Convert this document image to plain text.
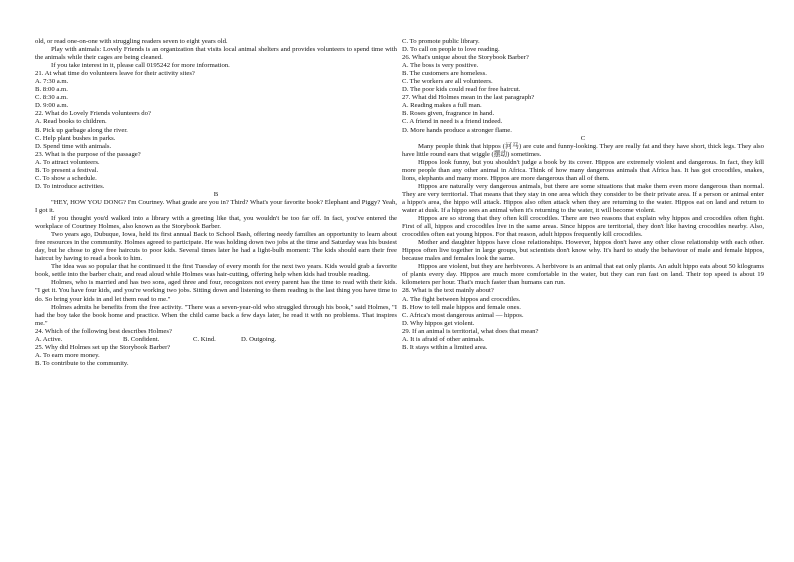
old, or read one-on-one with struggling readers seven to eight years old.

Play with animals: Lovely Friends is an organization that visits local animal shelters and provides volunteers to spend time with the animals while their cages are being cleaned.

If you take interest in it, please call 0195242 for more information.

21. At what time do volunteers leave for their activity sites?
A. 7:30 a.m.
B. 8:00 a.m.
C. 8:30 a.m.
D. 9:00 a.m.
22. What do Lovely Friends volunteers do?
A. Read books to children.
B. Pick up garbage along the river.
C. Help plant bushes in parks.
D. Spend time with animals.
23. What is the purpose of the passage?
A. To attract volunteers.
B. To present a festival.
C. To show a schedule.
D. To introduce activities.
B

"HEY, HOW YOU DONG? I'm Courtney. What grade are you in? Third? What's your favorite book? Elephant and Piggy? Yeah, I got it.

If you thought you'd walked into a library with a greeting like that, you wouldn't be too far off. In fact, you've entered the workplace of Courtney Holmes, also known as the Storybook Barber.

Two years ago, Dubuque, Iowa, held its first annual Back to School Bash, offering needy families an opportunity to learn about free resources in the community. Holmes agreed to participate. He was holding down two jobs at the time and Saturday was his busiest day, but he chose to give free haircuts to poor kids. Several times later he had a light-bulb moment: The kids should earn their free haircut by having to read a book to him.

The idea was so popular that he continued it the first Tuesday of every month for the next two years. Kids would grab a favorite book, settle into the barber chair, and read aloud while Holmes was hair-cutting, offering help when kids had trouble reading.

Holmes, who is married and has two sons, aged three and four, recognizes not every parent has the time to read with their kids. "I get it. You have four kids, and you're working two jobs. Sitting down and listening to them reading is the last thing you have time to do. So bring your kids in and let them read to me."

Holmes admits he benefits from the free activity. "There was a seven-year-old who struggled through his book," said Holmes, "I had the boy take the book home and practice. When the child came back a few days later, he read it with no problems. That inspires me."

24. Which of the following best describes Holmes?
A. Active.	B. Confident.	C. Kind.	D. Outgoing.
25. Why did Holmes set up the Storybook Barber?
A. To earn more money.
B. To contribute to the community.
C. To promote public library.
D. To call on people to love reading.
26. What's unique about the Storybook Barber?
A. The boss is very positive.
B. The customers are homeless.
C. The workers are all volunteers.
D. The poor kids could read for free haircut.
27. What did Holmes mean in the last paragraph?
A. Reading makes a full man.
B. Roses given, fragrance in hand.
C. A friend in need is a friend indeed.
D. More hands produce a stronger flame.
C

Many people think that hippos (河马) are cute and funny-looking. They are really fat and they have short, thick legs. They also have little round ears that wiggle (摆动) sometimes.

Hippos look funny, but you shouldn't judge a book by its cover. Hippos are extremely violent and dangerous. In fact, they kill more people than any other animal in Africa. Think of how many dangerous animals that Africa has. It has got crocodiles, snakes, lions, elephants and many more. Hippos are more dangerous than all of them.

Hippos are naturally very dangerous animals, but there are some situations that make them even more dangerous than normal. They are very territorial. That means that they stay in one area which they consider to be their private area. If a person or animal enter a hippo's area, the hippo will attack. Hippos also often attack when they are returning to the water. Hippos eat on land and return to water at dusk. If a hippo sees an animal when it's returning to the water, it will become violent.

Hippos are so strong that they often kill crocodiles. There are two reasons that explain why hippos and crocodiles often fight. First of all, hippos and crocodiles live in the same areas. Since hippos are territorial, they don't like having crocodiles nearby. Also, crocodiles often eat young hippos. For that reason, adult hippos frequently kill crocodiles.

Mother and daughter hippos have close relationships. However, hippos don't have any other close relationship with each other. Hippos often live together in large groups, but scientists don't know why. It's hard to study the behaviour of male and female hippos, because males and females look the same.

Hippos are violent, but they are herbivores. A herbivore is an animal that eat only plants. An adult hippo eats about 50 kilograms of plants every day. Hippos are much more comfortable in the water, but they can run fast on land. Their top speed is about 19 kilometers per hour. That's much faster than humans can run.

28. What is the text mainly about?
A. The fight between hippos and crocodiles.
B. How to tell male hippos and female ones.
C. Africa's most dangerous animal — hippos.
D. Why hippos get violent.
29. If an animal is territorial, what does that mean?
A. It is afraid of other animals.
B. It stays within a limited area.
